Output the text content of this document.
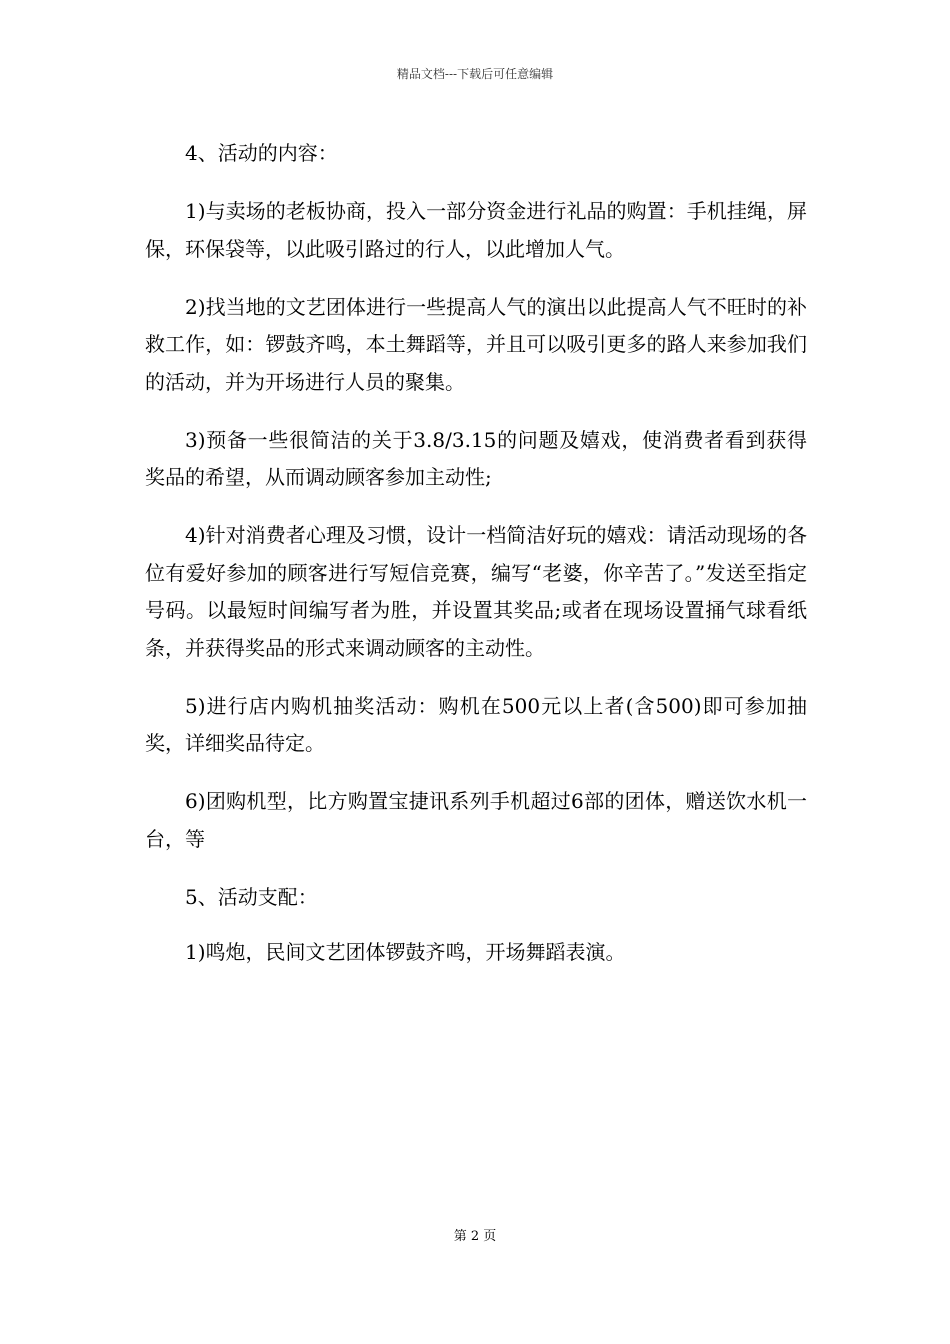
精品文档---下载后可任意编辑

4、活动的内容：

1)与卖场的老板协商，投入一部分资金进行礼品的购置：手机挂绳，屏保，环保袋等，以此吸引路过的行人，以此增加人气。

2)找当地的文艺团体进行一些提高人气的演出以此提高人气不旺时的补救工作，如：锣鼓齐鸣，本土舞蹈等，并且可以吸引更多的路人来参加我们的活动，并为开场进行人员的聚集。

3)预备一些很简洁的关于3.8/3.15的问题及嬉戏，使消费者看到获得奖品的希望，从而调动顾客参加主动性;

4)针对消费者心理及习惯，设计一档简洁好玩的嬉戏：请活动现场的各位有爱好参加的顾客进行写短信竞赛，编写“老婆，你辛苦了。”发送至指定号码。以最短时间编写者为胜，并设置其奖品;或者在现场设置捅气球看纸条，并获得奖品的形式来调动顾客的主动性。

5)进行店内购机抽奖活动：购机在500元以上者(含500)即可参加抽奖，详细奖品待定。

6)团购机型，比方购置宝捷讯系列手机超过6部的团体，赠送饮水机一台，等

5、活动支配：

1)鸣炮，民间文艺团体锣鼓齐鸣，开场舞蹈表演。

第 2 页
